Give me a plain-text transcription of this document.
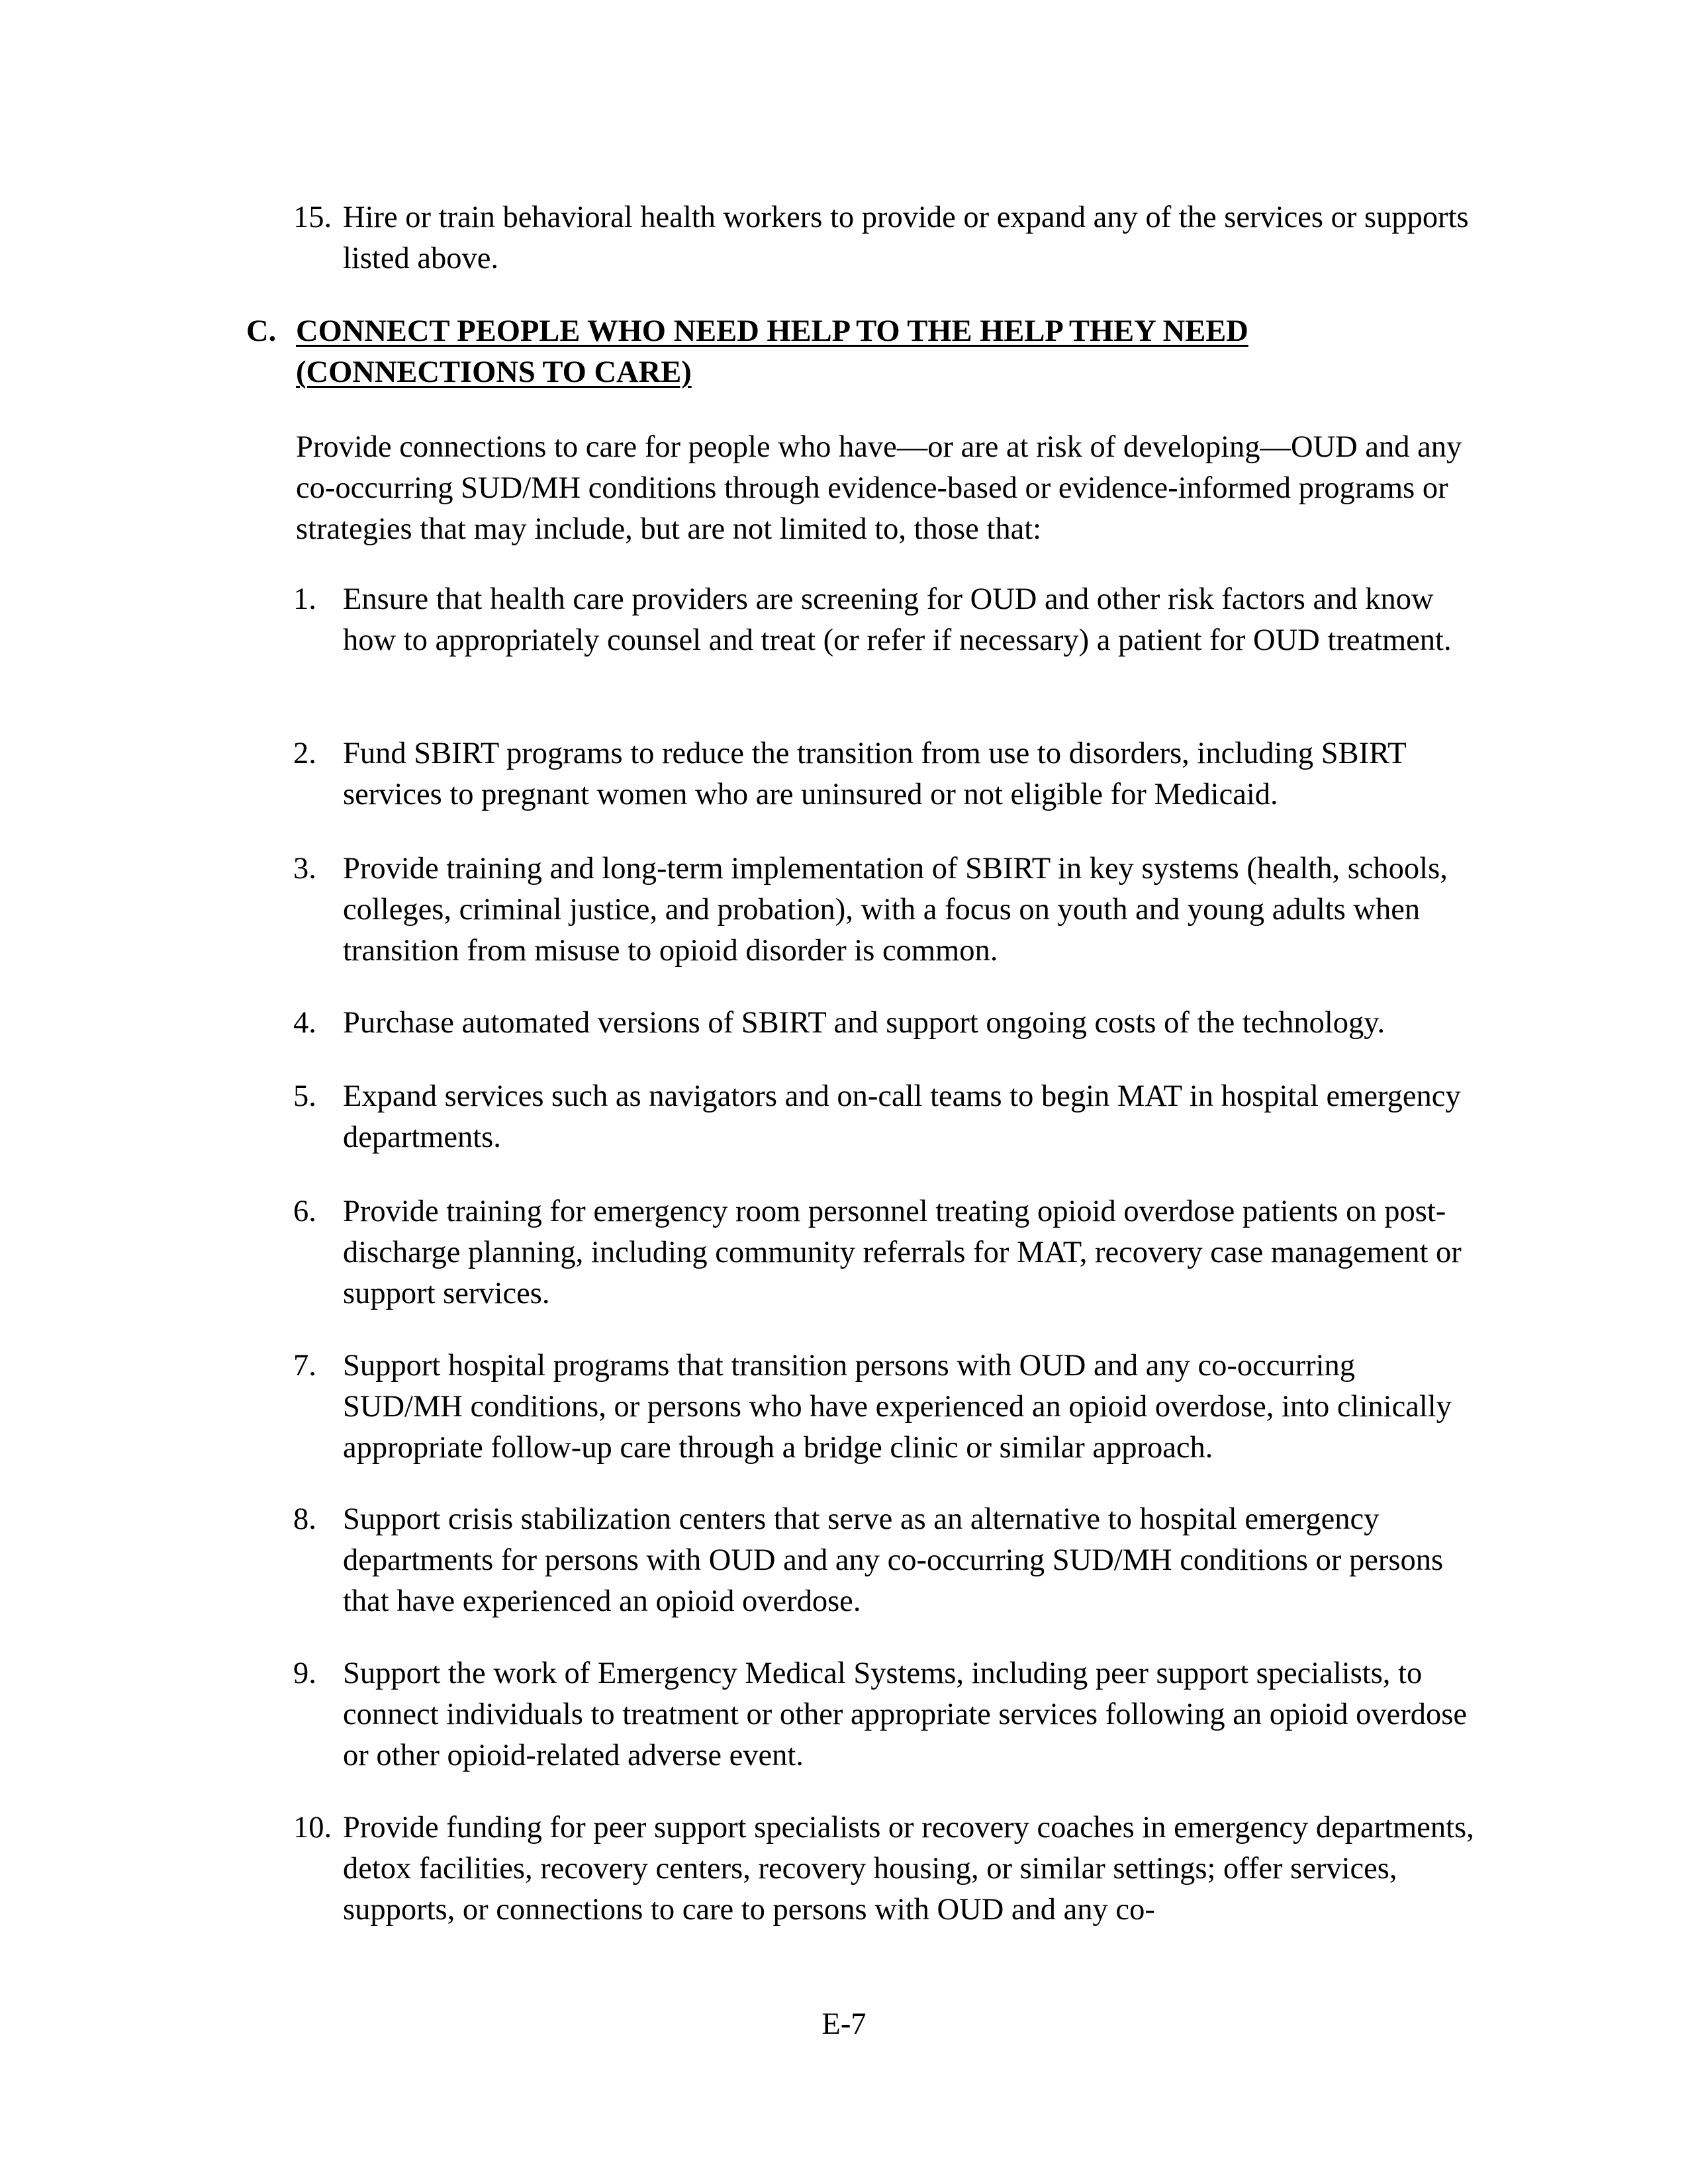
15. Hire or train behavioral health workers to provide or expand any of the services or supports listed above.
C. CONNECT PEOPLE WHO NEED HELP TO THE HELP THEY NEED (CONNECTIONS TO CARE)
Provide connections to care for people who have—or are at risk of developing—OUD and any co-occurring SUD/MH conditions through evidence-based or evidence-informed programs or strategies that may include, but are not limited to, those that:
1. Ensure that health care providers are screening for OUD and other risk factors and know how to appropriately counsel and treat (or refer if necessary) a patient for OUD treatment.
2. Fund SBIRT programs to reduce the transition from use to disorders, including SBIRT services to pregnant women who are uninsured or not eligible for Medicaid.
3. Provide training and long-term implementation of SBIRT in key systems (health, schools, colleges, criminal justice, and probation), with a focus on youth and young adults when transition from misuse to opioid disorder is common.
4. Purchase automated versions of SBIRT and support ongoing costs of the technology.
5. Expand services such as navigators and on-call teams to begin MAT in hospital emergency departments.
6. Provide training for emergency room personnel treating opioid overdose patients on post-discharge planning, including community referrals for MAT, recovery case management or support services.
7. Support hospital programs that transition persons with OUD and any co-occurring SUD/MH conditions, or persons who have experienced an opioid overdose, into clinically appropriate follow-up care through a bridge clinic or similar approach.
8. Support crisis stabilization centers that serve as an alternative to hospital emergency departments for persons with OUD and any co-occurring SUD/MH conditions or persons that have experienced an opioid overdose.
9. Support the work of Emergency Medical Systems, including peer support specialists, to connect individuals to treatment or other appropriate services following an opioid overdose or other opioid-related adverse event.
10. Provide funding for peer support specialists or recovery coaches in emergency departments, detox facilities, recovery centers, recovery housing, or similar settings; offer services, supports, or connections to care to persons with OUD and any co-
E-7
